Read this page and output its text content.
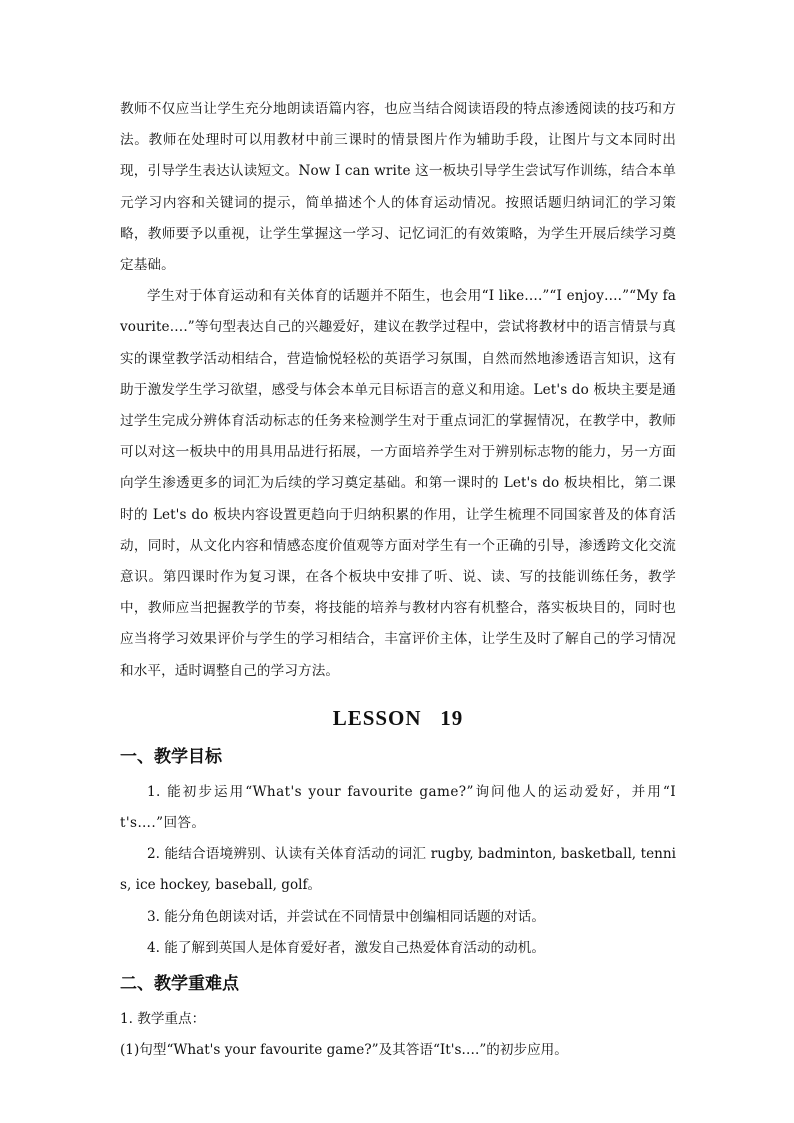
教师不仅应当让学生充分地朗读语篇内容，也应当结合阅读语段的特点渗透阅读的技巧和方法。教师在处理时可以用教材中前三课时的情景图片作为辅助手段，让图片与文本同时出现，引导学生表达认读短文。Now I can write 这一板块引导学生尝试写作训练，结合本单元学习内容和关键词的提示，简单描述个人的体育运动情况。按照话题归纳词汇的学习策略，教师要予以重视，让学生掌握这一学习、记忆词汇的有效策略，为学生开展后续学习奠定基础。

学生对于体育运动和有关体育的话题并不陌生，也会用“I like….”“I enjoy….”“My favourite….”等句型表达自己的兴趣爱好，建议在教学过程中，尝试将教材中的语言情景与真实的课堂教学活动相结合，营造愉悦轻松的英语学习氛围，自然而然地渗透语言知识，这有助于激发学生学习欲望，感受与体会本单元目标语言的意义和用途。Let's do 板块主要是通过学生完成分辨体育活动标志的任务来检测学生对于重点词汇的掌握情况，在教学中，教师可以对这一板块中的用具用品进行拓展，一方面培养学生对于辨别标志物的能力，另一方面向学生渗透更多的词汇为后续的学习奠定基础。和第一课时的 Let's do 板块相比，第二课时的 Let's do 板块内容设置更趋向于归纳积累的作用，让学生梳理不同国家普及的体育活动，同时，从文化内容和情感态度价值观等方面对学生有一个正确的引导，渗透跨文化交流意识。第四课时作为复习课，在各个板块中安排了听、说、读、写的技能训练任务，教学中，教师应当把握教学的节奏，将技能的培养与教材内容有机整合，落实板块目的，同时也应当将学习效果评价与学生的学习相结合，丰富评价主体，让学生及时了解自己的学习情况和水平，适时调整自己的学习方法。

LESSON   19
一、教学目标

1. 能初步运用“What's your favourite game?”询问他人的运动爱好，并用“It's….”回答。

2. 能结合语境辨别、认读有关体育活动的词汇 rugby, badminton, basketball, tennis, ice hockey, baseball, golf。

3. 能分角色朗读对话，并尝试在不同情景中创编相同话题的对话。

4. 能了解到英国人是体育爱好者，激发自己热爱体育活动的动机。

二、教学重难点

1. 教学重点：

(1)句型“What's your favourite game?”及其答语“It's….”的初步应用。
